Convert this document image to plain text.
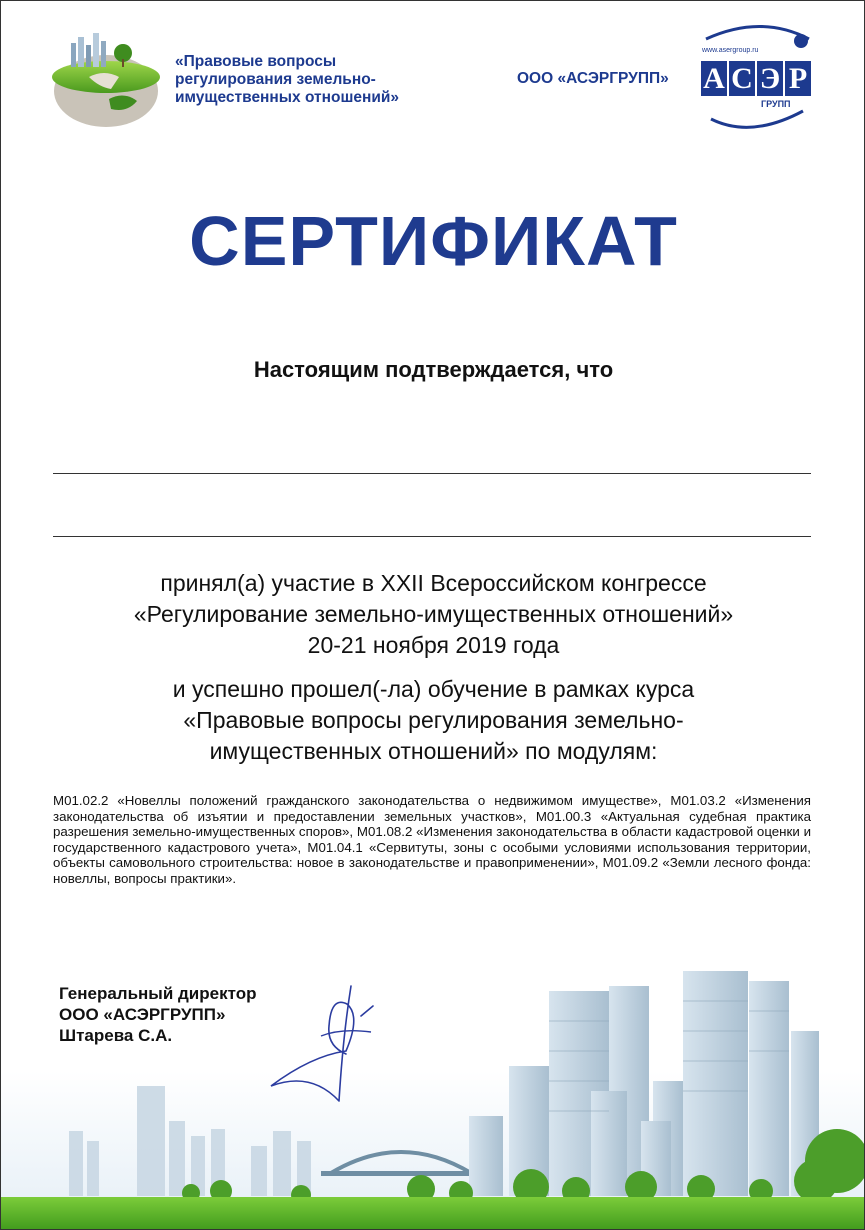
«Правовые вопросы
регулирования земельно-
имущественных отношений»
ООО «АСЭРГРУПП»
www.asergroup.ru
А С Э Р
ГРУПП
СЕРТИФИКАТ
Настоящим подтверждается, что
принял(а) участие в XXII Всероссийском конгрессе
«Регулирование земельно-имущественных отношений»
20-21 ноября 2019 года
и успешно прошел(-ла) обучение в рамках курса
«Правовые вопросы регулирования земельно-
имущественных отношений» по модулям:
М01.02.2 «Новеллы положений гражданского законодательства о недвижимом имуществе», М01.03.2 «Изменения законодательства об изъятии и предоставлении земельных участков», М01.00.3 «Актуальная судебная практика разрешения земельно-имущественных споров», М01.08.2 «Изменения законодательства в области кадастровой оценки и государственного кадастрового учета», М01.04.1 «Сервитуты, зоны с особыми условиями использования территории, объекты самовольного строительства: новое в законодательстве и правоприменении», М01.09.2 «Земли лесного фонда: новеллы, вопросы практики».
Генеральный директор
ООО «АСЭРГРУПП»
Штарева С.А.
